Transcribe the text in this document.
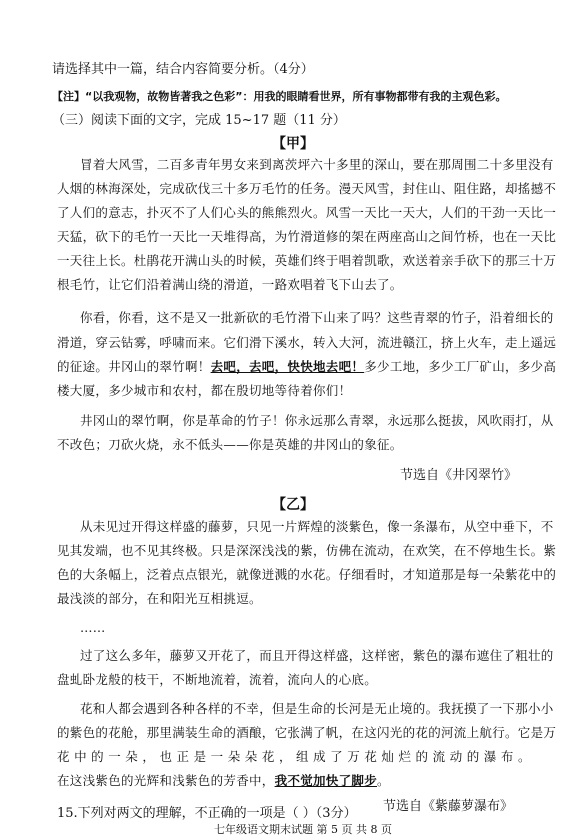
请选择其中一篇，结合内容简要分析。（4分）
【注】“以我观物，故物皆著我之色彩”：用我的眼睛看世界，所有事物都带有我的主观色彩。
（三）阅读下面的文字，完成 15~17 题（11 分）
【甲】
冒着大风雪，二百多青年男女来到离茨坪六十多里的深山，要在那周围二十多里没有
人烟的林海深处，完成砍伐三十多万毛竹的任务。漫天风雪，封住山、阻住路，却搖撼不
了人们的意志，扑灭不了人们心头的熊熊烈火。风雪一天比一天大，人们的干劲一天比一
天猛，砍下的毛竹一天比一天堆得高，为竹滑道修的架在两座高山之间竹桥，也在一天比
一天往上长。杜鹃花开满山头的时候，英雄们终于唱着凯歌，欢送着亲手砍下的那三十万
根毛竹，让它们沿着满山绕的滑道，一路欢唱着飞下山去了。
你看，你看，这不是又一批新砍的毛竹滑下山来了吗？这些青翠的竹子，沿着细长的
滑道，穿云钻雾，呼啸而来。它们滑下溪水，转入大河，流进赣江，挤上火车，走上遥远
的征途。井冈山的翠竹啊！去吧，去吧，快快地去吧！多少工地，多少工厂矿山，多少高
楼大厦，多少城市和农村，都在殷切地等待着你们！
井冈山的翠竹啊，你是革命的竹子！你永远那么青翠，永远那么挺拔，风吹雨打，从
不改色；刀砍火烧，永不低头——你是英雄的井冈山的象征。
节选自《井冈翠竹》
【乙】
从未见过开得这样盛的藤萝，只见一片辉煌的淡紫色，像一条瀑布，从空中垂下，不
见其发端，也不见其终极。只是深深浅浅的紫，仿佛在流动，在欢笑，在不停地生长。紫
色的大条幅上，泛着点点银光，就像迸溅的水花。仔细看时，才知道那是每一朵紫花中的
最浅淡的部分，在和阳光互相挑逗。
……
过了这么多年，藤萝又开花了，而且开得这样盛，这样密，紫色的瀑布遮住了粗壮的
盘虬卧龙般的枝干，不断地流着，流着，流向人的心底。
花和人都会遇到各种各样的不幸，但是生命的长河是无止境的。我抚摸了一下那小小
的紫色的花舱，那里满装生命的酒酿，它张满了帆，在这闪光的花的河流上航行。它是万
花 中 的 一 朵 ， 也 正 是 一 朵 朵 花 ， 组 成 了 万 花 灿 烂 的 流 动 的 瀑 布 。
在这浅紫色的光辉和浅紫色的芳香中，我不觉加快了脚步。
节选自《紫藤萝瀑布》
15.下列对两文的理解，不正确的一项是（ ）（3分）
七年级语文期末试题 第 5 页 共 8 页
